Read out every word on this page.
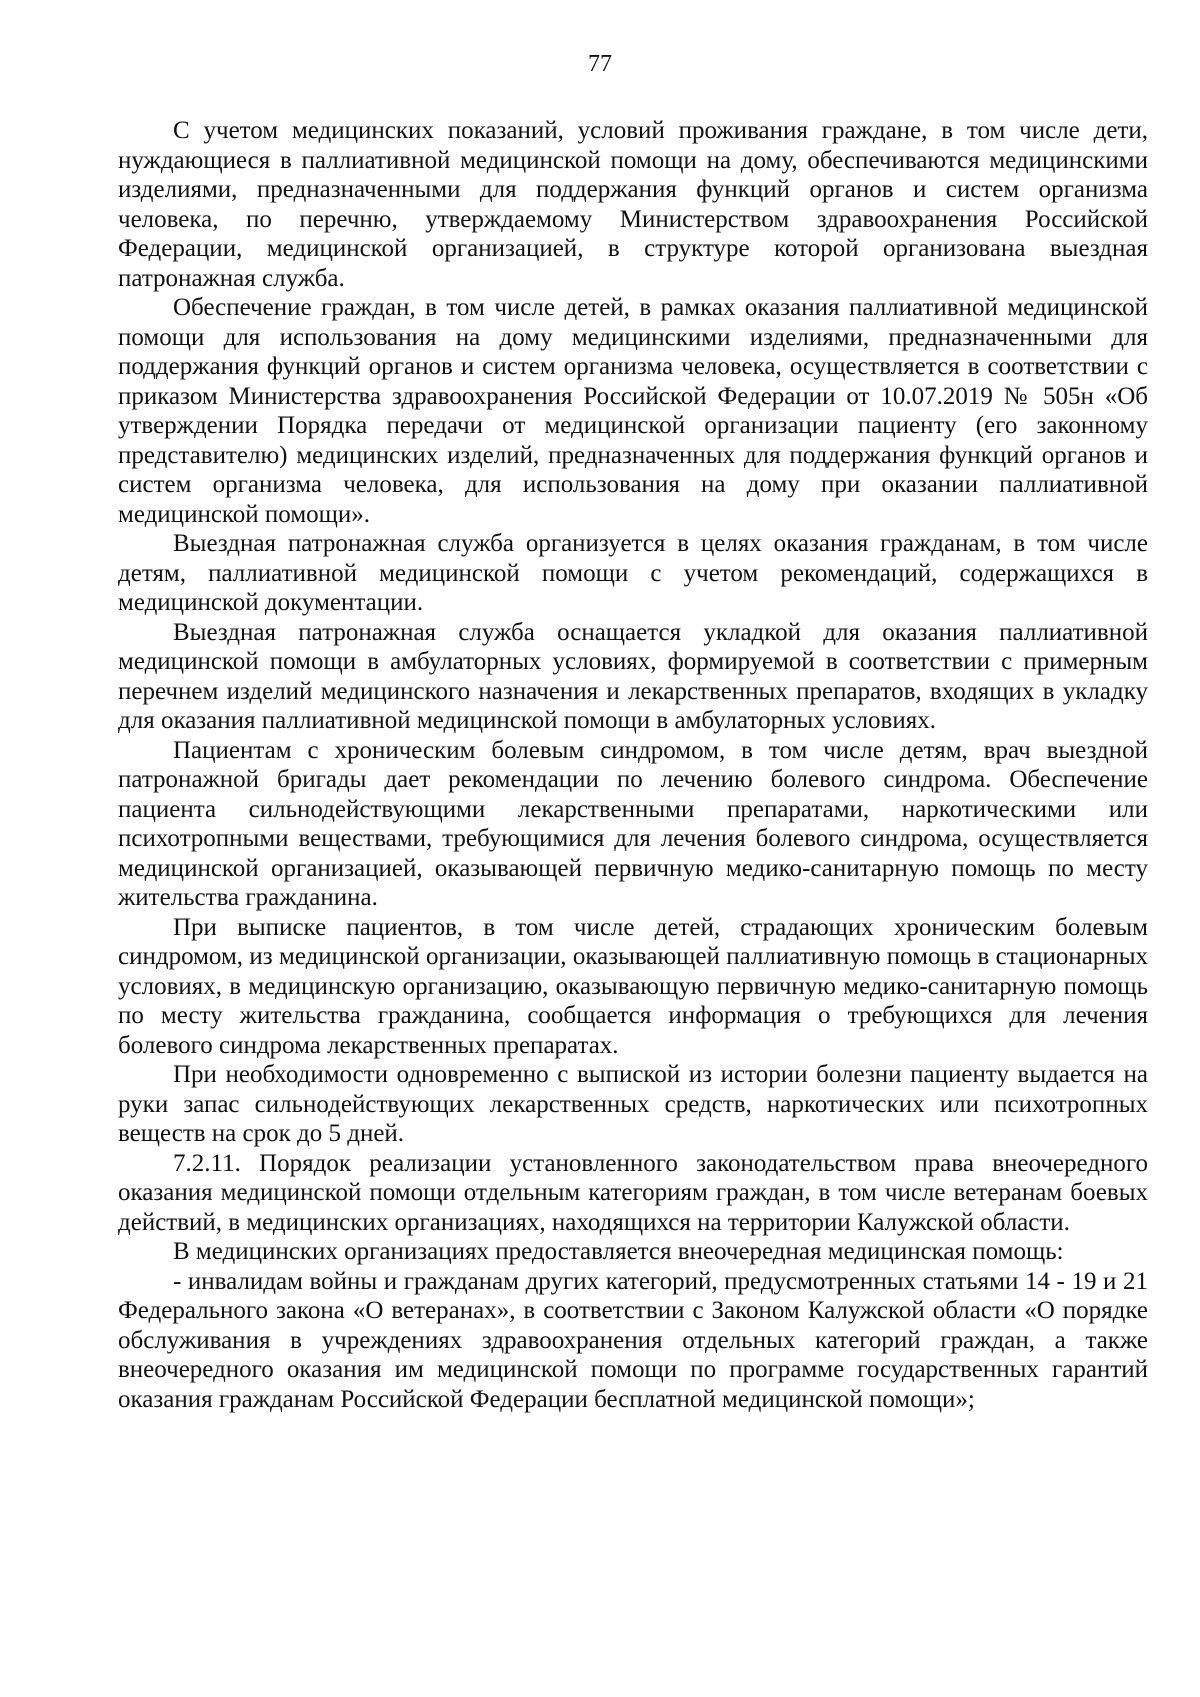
77

С учетом медицинских показаний, условий проживания граждане, в том числе дети, нуждающиеся в паллиативной медицинской помощи на дому, обеспечиваются медицинскими изделиями, предназначенными для поддержания функций органов и систем организма человека, по перечню, утверждаемому Министерством здравоохранения Российской Федерации, медицинской организацией, в структуре которой организована выездная патронажная служба.

Обеспечение граждан, в том числе детей, в рамках оказания паллиативной медицинской помощи для использования на дому медицинскими изделиями, предназначенными для поддержания функций органов и систем организма человека, осуществляется в соответствии с приказом Министерства здравоохранения Российской Федерации от 10.07.2019 № 505н «Об утверждении Порядка передачи от медицинской организации пациенту (его законному представителю) медицинских изделий, предназначенных для поддержания функций органов и систем организма человека, для использования на дому при оказании паллиативной медицинской помощи».

Выездная патронажная служба организуется в целях оказания гражданам, в том числе детям, паллиативной медицинской помощи с учетом рекомендаций, содержащихся в медицинской документации.

Выездная патронажная служба оснащается укладкой для оказания паллиативной медицинской помощи в амбулаторных условиях, формируемой в соответствии с примерным перечнем изделий медицинского назначения и лекарственных препаратов, входящих в укладку для оказания паллиативной медицинской помощи в амбулаторных условиях.

Пациентам с хроническим болевым синдромом, в том числе детям, врач выездной патронажной бригады дает рекомендации по лечению болевого синдрома. Обеспечение пациента сильнодействующими лекарственными препаратами, наркотическими или психотропными веществами, требующимися для лечения болевого синдрома, осуществляется медицинской организацией, оказывающей первичную медико-санитарную помощь по месту жительства гражданина.

При выписке пациентов, в том числе детей, страдающих хроническим болевым синдромом, из медицинской организации, оказывающей паллиативную помощь в стационарных условиях, в медицинскую организацию, оказывающую первичную медико-санитарную помощь по месту жительства гражданина, сообщается информация о требующихся для лечения болевого синдрома лекарственных препаратах.

При необходимости одновременно с выпиской из истории болезни пациенту выдается на руки запас сильнодействующих лекарственных средств, наркотических или психотропных веществ на срок до 5 дней.

7.2.11. Порядок реализации установленного законодательством права внеочередного оказания медицинской помощи отдельным категориям граждан, в том числе ветеранам боевых действий, в медицинских организациях, находящихся на территории Калужской области.

В медицинских организациях предоставляется внеочередная медицинская помощь:

- инвалидам войны и гражданам других категорий, предусмотренных статьями 14 - 19 и 21 Федерального закона «О ветеранах», в соответствии с Законом Калужской области «О порядке обслуживания в учреждениях здравоохранения отдельных категорий граждан, а также внеочередного оказания им медицинской помощи по программе государственных гарантий оказания гражданам Российской Федерации бесплатной медицинской помощи»;
